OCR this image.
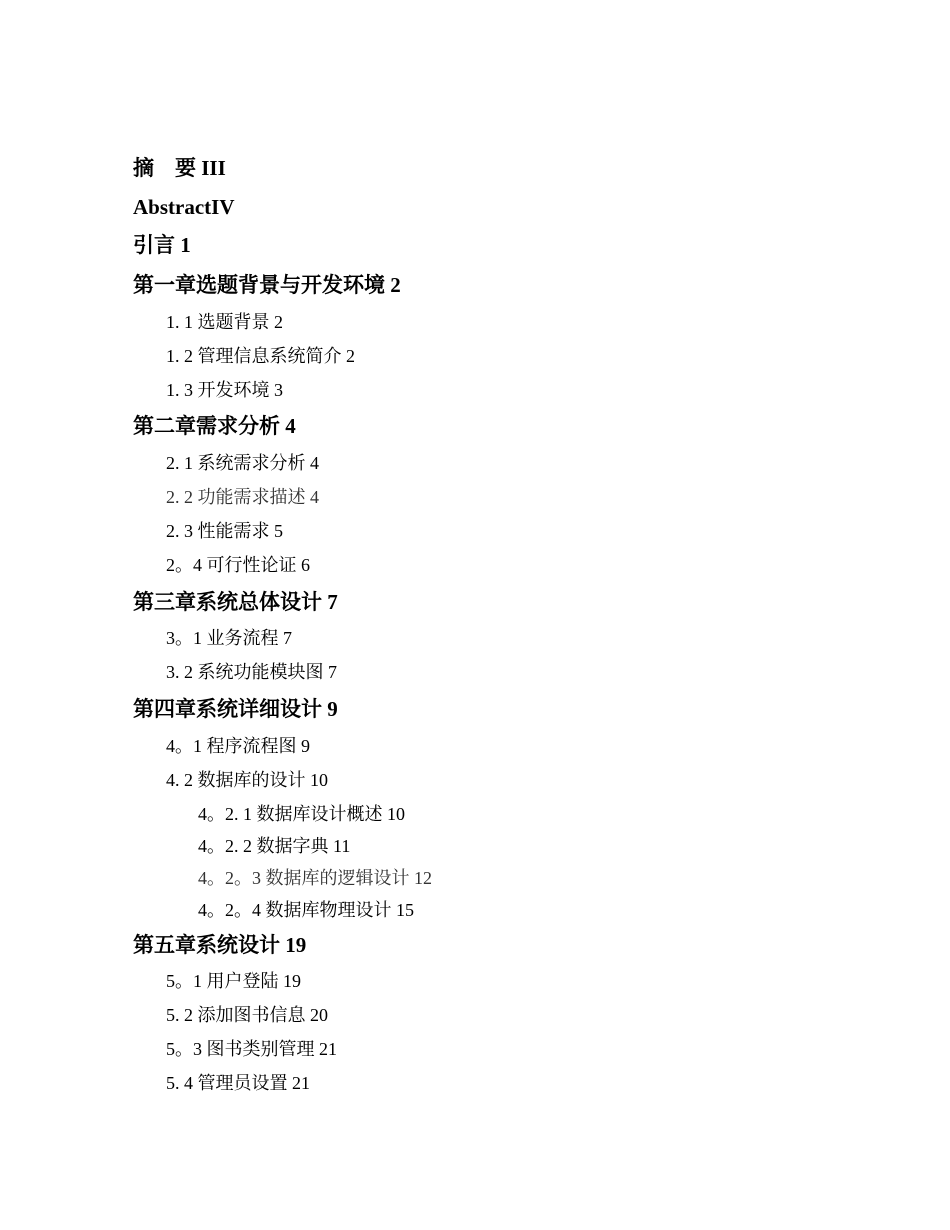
摘　要 III
AbstractIV
引言 1
第一章选题背景与开发环境 2
1. 1 选题背景 2
1. 2 管理信息系统简介 2
1. 3 开发环境 3
第二章需求分析 4
2. 1 系统需求分析 4
2. 2 功能需求描述 4
2. 3 性能需求 5
2。4 可行性论证 6
第三章系统总体设计 7
3。1 业务流程 7
3. 2 系统功能模块图 7
第四章系统详细设计 9
4。1 程序流程图 9
4. 2 数据库的设计 10
4。2. 1 数据库设计概述 10
4。2. 2 数据字典 11
4。2。3 数据库的逻辑设计 12
4。2。4 数据库物理设计 15
第五章系统设计 19
5。1 用户登陆 19
5. 2 添加图书信息 20
5。3 图书类别管理 21
5. 4 管理员设置 21
